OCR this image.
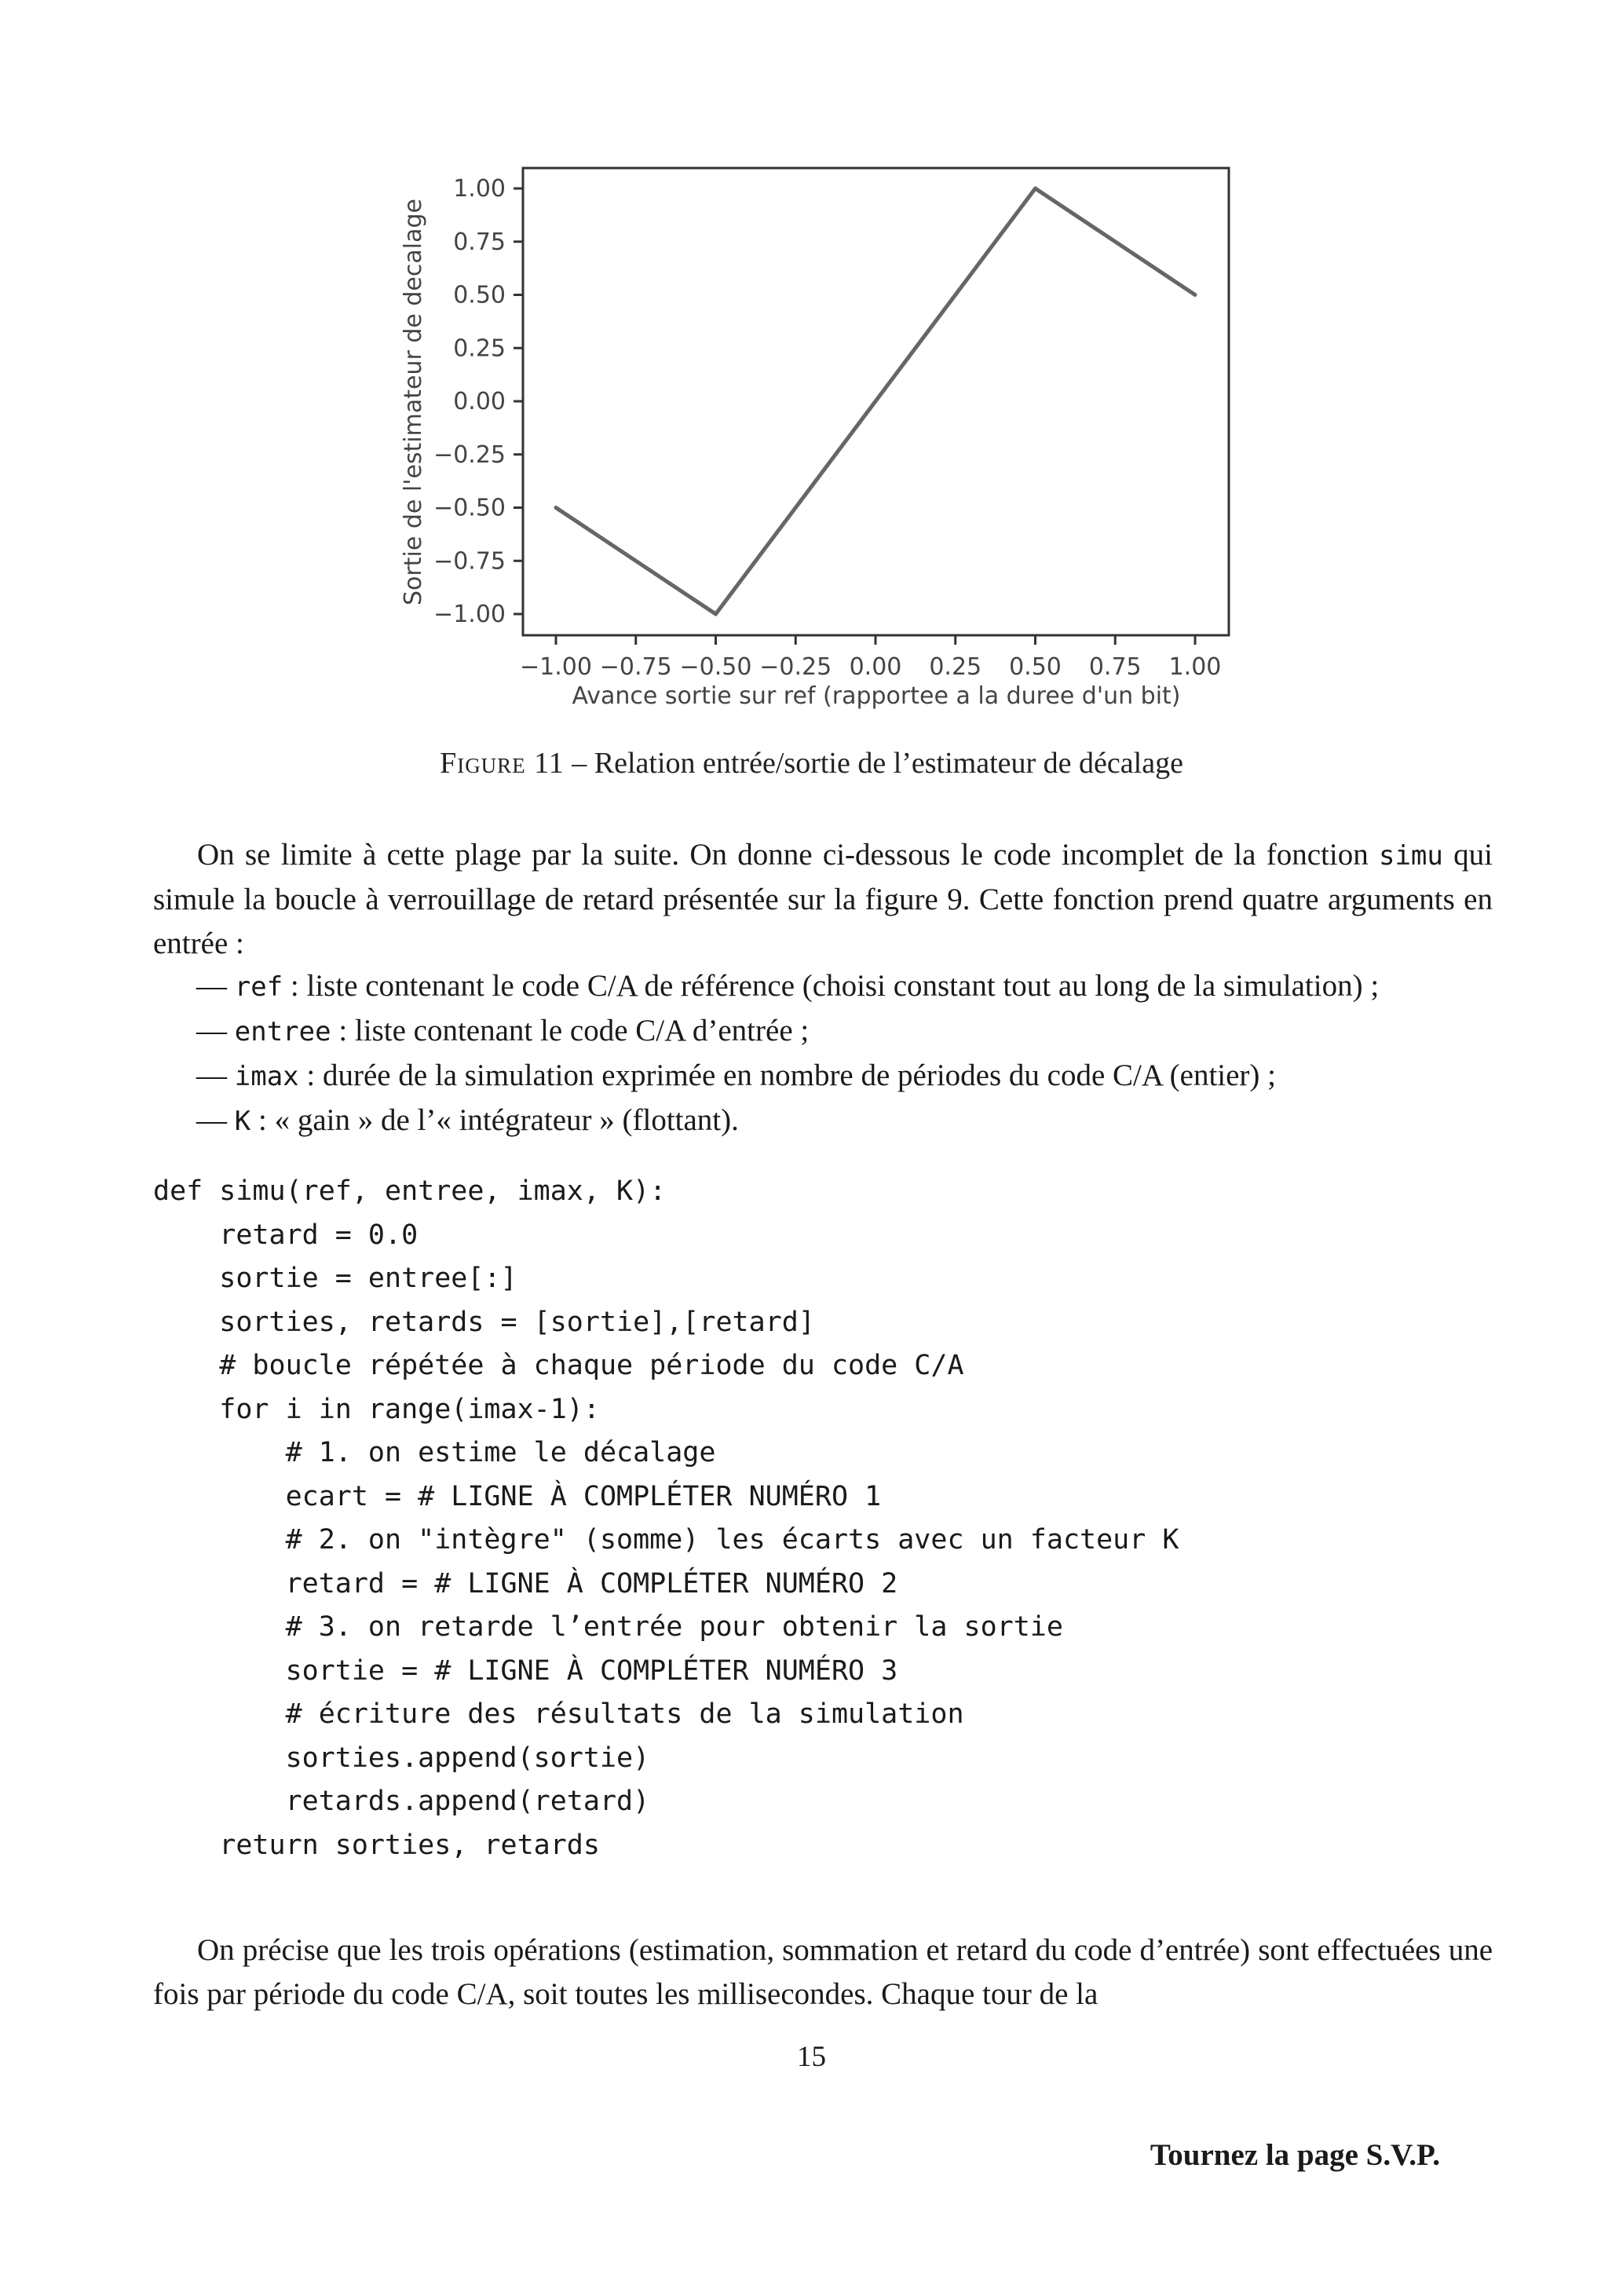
1.00
0.75
0.50
0.25
0.00
−0.25
−0.50
−0.75
−1.00
−1.00 −0.75 −0.50 −0.25 0.00 0.25 0.50 0.75 1.00
Avance sortie sur ref (rapportee a la duree d'un bit)
Sortie de l'estimateur de decalage
Figure 11 – Relation entrée/sortie de l’estimateur de décalage
On se limite à cette plage par la suite. On donne ci-dessous le code incomplet de la fonction simu qui simule la boucle à verrouillage de retard présentée sur la figure 9. Cette fonction prend quatre arguments en entrée :
— ref : liste contenant le code C/A de référence (choisi constant tout au long de la simulation) ;
— entree : liste contenant le code C/A d’entrée ;
— imax : durée de la simulation exprimée en nombre de périodes du code C/A (entier) ;
— K : « gain » de l’« intégrateur » (flottant).
def simu(ref, entree, imax, K):
retard = 0.0
sortie = entree[:]
sorties, retards = [sortie],[retard]
# boucle répétée à chaque période du code C/A
for i in range(imax-1):
# 1. on estime le décalage
ecart = # LIGNE À COMPLÉTER NUMÉRO 1
# 2. on "intègre" (somme) les écarts avec un facteur K
retard = # LIGNE À COMPLÉTER NUMÉRO 2
# 3. on retarde l’entrée pour obtenir la sortie
sortie = # LIGNE À COMPLÉTER NUMÉRO 3
# écriture des résultats de la simulation
sorties.append(sortie)
retards.append(retard)
return sorties, retards
On précise que les trois opérations (estimation, sommation et retard du code d’entrée) sont effectuées une fois par période du code C/A, soit toutes les millisecondes. Chaque tour de la
15
Tournez la page S.V.P.
